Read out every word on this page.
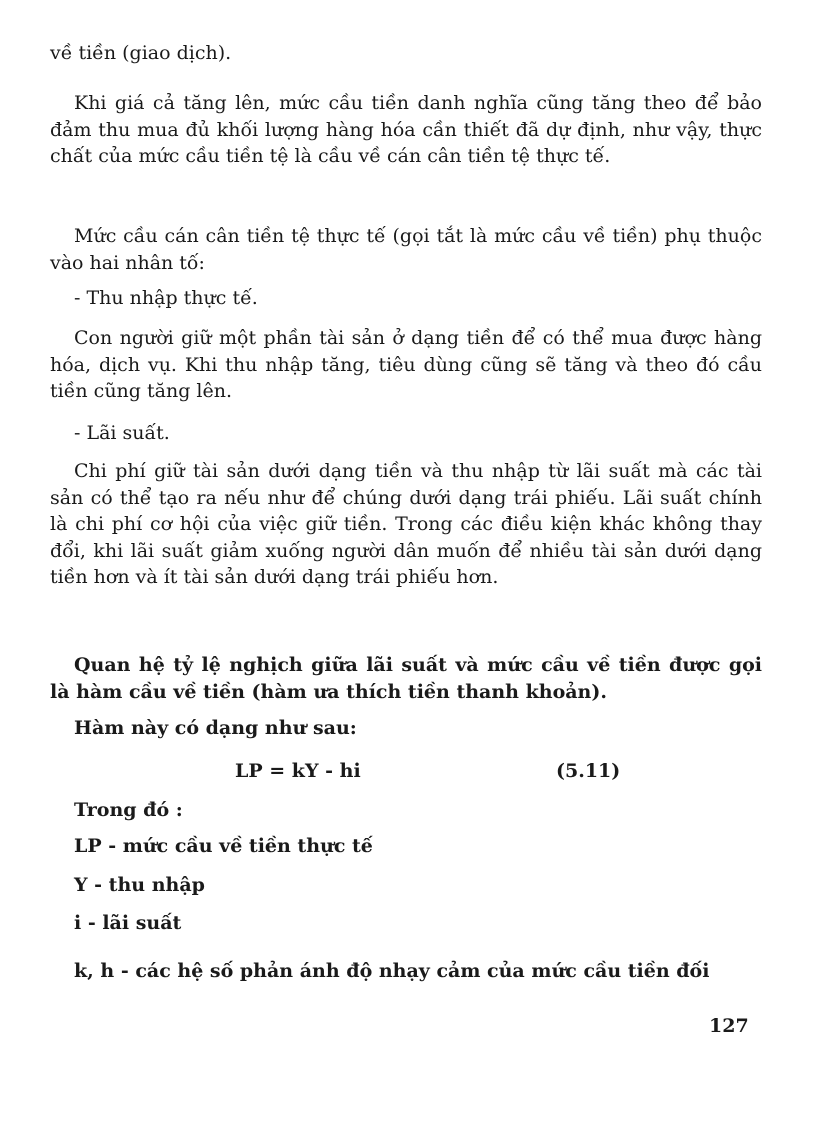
về tiền (giao dịch).

Khi giá cả tăng lên, mức cầu tiền danh nghĩa cũng tăng theo để bảo đảm thu mua đủ khối lượng hàng hóa cần thiết đã dự định, như vậy, thực chất của mức cầu tiền tệ là cầu về cán cân tiền tệ thực tế.

Mức cầu cán cân tiền tệ thực tế (gọi tắt là mức cầu về tiền) phụ thuộc vào hai nhân tố:

- Thu nhập thực tế.

Con người giữ một phần tài sản ở dạng tiền để có thể mua được hàng hóa, dịch vụ. Khi thu nhập tăng, tiêu dùng cũng sẽ tăng và theo đó cầu tiền cũng tăng lên.

- Lãi suất.

Chi phí giữ tài sản dưới dạng tiền và thu nhập từ lãi suất mà các tài sản có thể tạo ra nếu như để chúng dưới dạng trái phiếu. Lãi suất chính là chi phí cơ hội của việc giữ tiền. Trong các điều kiện khác không thay đổi, khi lãi suất giảm xuống người dân muốn để nhiều tài sản dưới dạng tiền hơn và ít tài sản dưới dạng trái phiếu hơn.

Quan hệ tỷ lệ nghịch giữa lãi suất và mức cầu về tiền được gọi là hàm cầu về tiền (hàm ưa thích tiền thanh khoản).

Hàm này có dạng như sau:

LP = kY - hi	(5.11)

Trong đó :

LP - mức cầu về tiền thực tế

Y - thu nhập

i - lãi suất

k, h - các hệ số phản ánh độ nhạy cảm của mức cầu tiền đối

127
